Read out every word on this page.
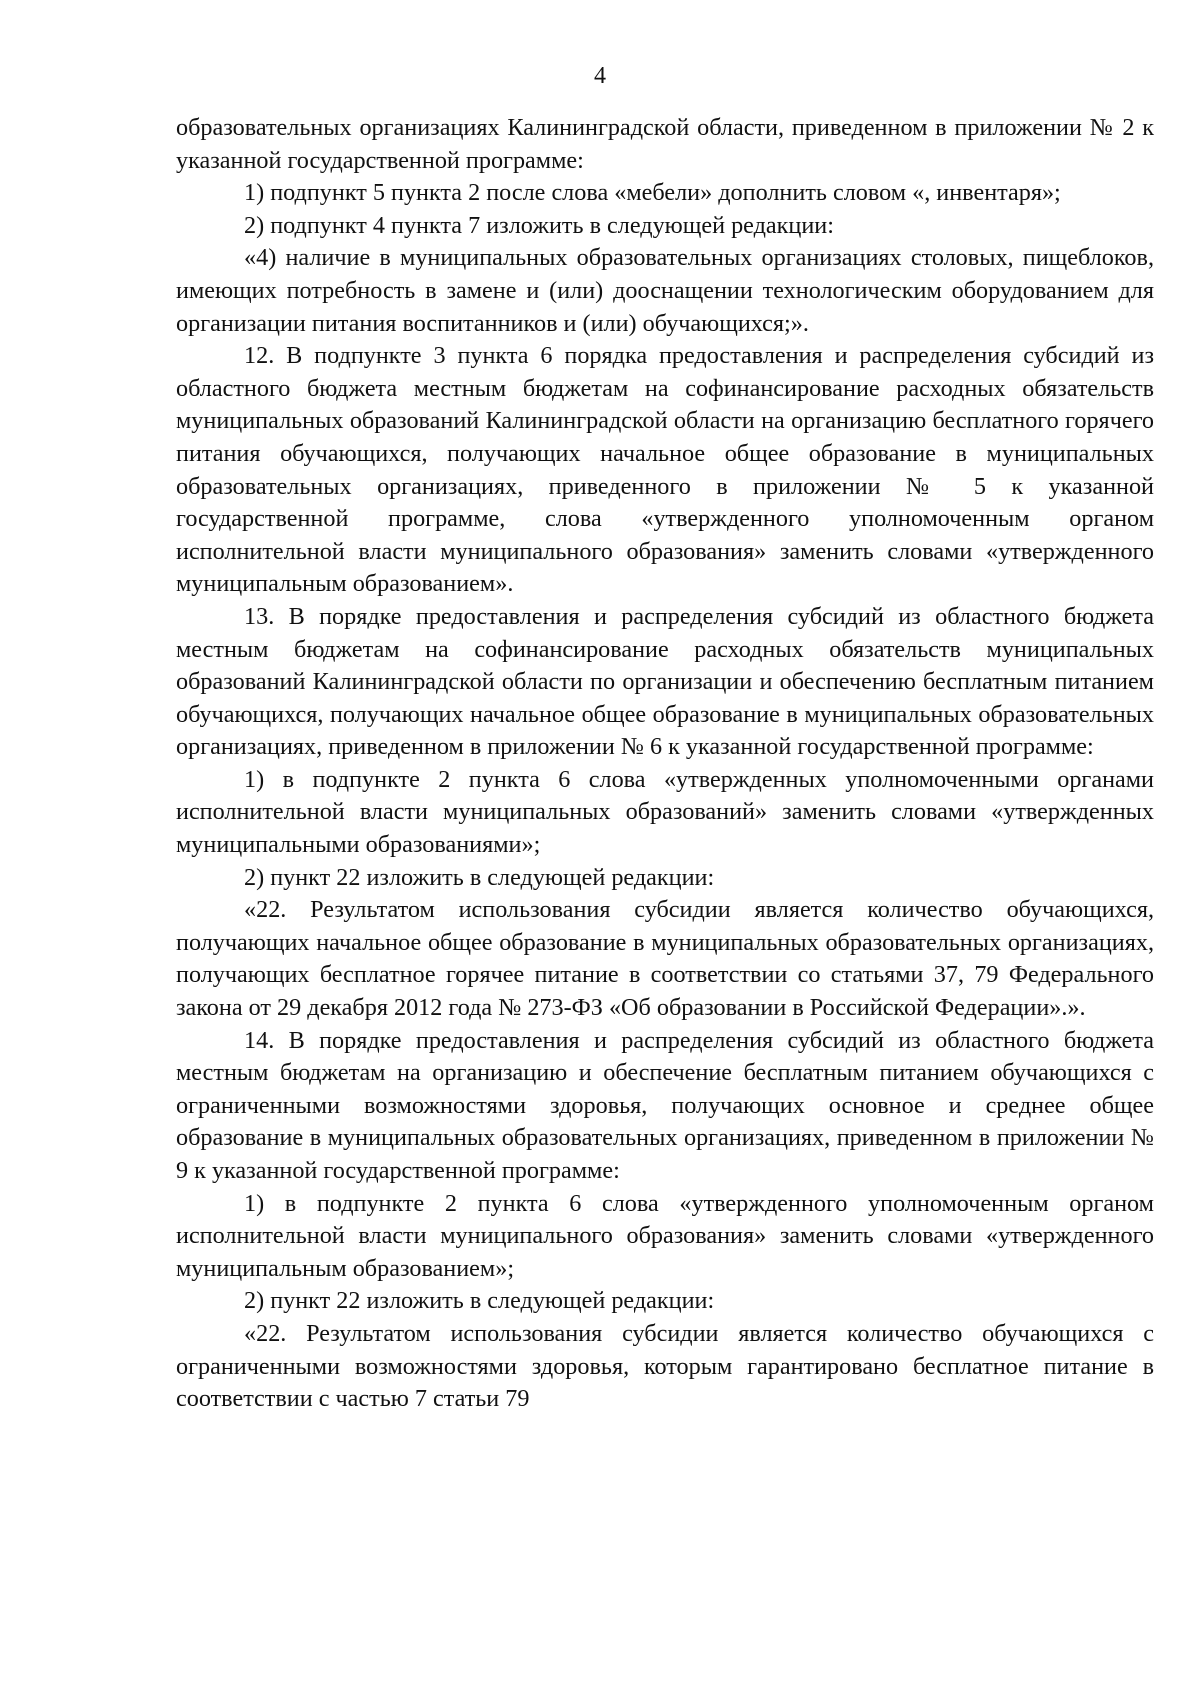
4

образовательных организациях Калининградской области, приведенном в приложении № 2 к указанной государственной программе:

1) подпункт 5 пункта 2 после слова «мебели» дополнить словом «, инвентаря»;

2) подпункт 4 пункта 7 изложить в следующей редакции:

«4) наличие в муниципальных образовательных организациях столовых, пищеблоков, имеющих потребность в замене и (или) дооснащении технологическим оборудованием для организации питания воспитанников и (или) обучающихся;».

12. В подпункте 3 пункта 6 порядка предоставления и распределения субсидий из областного бюджета местным бюджетам на софинансирование расходных обязательств муниципальных образований Калининградской области на организацию бесплатного горячего питания обучающихся, получающих начальное общее образование в муниципальных образовательных организациях, приведенного в приложении № 5 к указанной государственной программе, слова «утвержденного уполномоченным органом исполнительной власти муниципального образования» заменить словами «утвержденного муниципальным образованием».

13. В порядке предоставления и распределения субсидий из областного бюджета местным бюджетам на софинансирование расходных обязательств муниципальных образований Калининградской области по организации и обеспечению бесплатным питанием обучающихся, получающих начальное общее образование в муниципальных образовательных организациях, приведенном в приложении № 6 к указанной государственной программе:

1) в подпункте 2 пункта 6 слова «утвержденных уполномоченными органами исполнительной власти муниципальных образований» заменить словами «утвержденных муниципальными образованиями»;

2) пункт 22 изложить в следующей редакции:

«22. Результатом использования субсидии является количество обучающихся, получающих начальное общее образование в муниципальных образовательных организациях, получающих бесплатное горячее питание в соответствии со статьями 37, 79 Федерального закона от 29 декабря 2012 года № 273-ФЗ «Об образовании в Российской Федерации».».

14. В порядке предоставления и распределения субсидий из областного бюджета местным бюджетам на организацию и обеспечение бесплатным питанием обучающихся с ограниченными возможностями здоровья, получающих основное и среднее общее образование в муниципальных образовательных организациях, приведенном в приложении № 9 к указанной государственной программе:

1) в подпункте 2 пункта 6 слова «утвержденного уполномоченным органом исполнительной власти муниципального образования» заменить словами «утвержденного муниципальным образованием»;

2) пункт 22 изложить в следующей редакции:

«22. Результатом использования субсидии является количество обучающихся с ограниченными возможностями здоровья, которым гарантировано бесплатное питание в соответствии с частью 7 статьи 79
